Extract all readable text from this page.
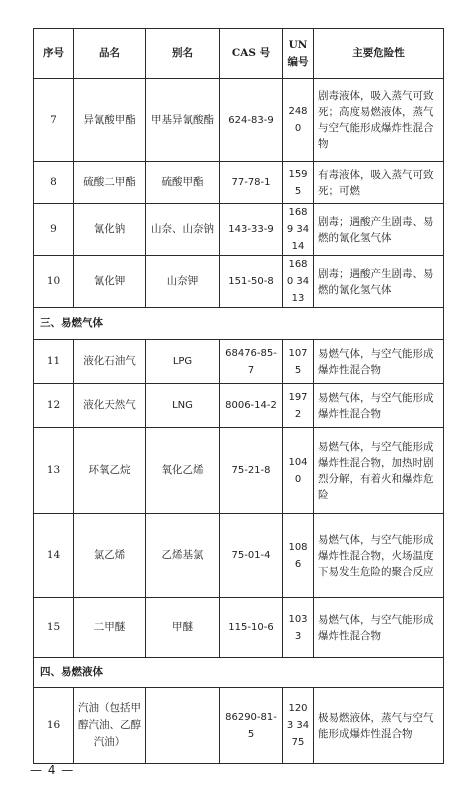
序号	品名	别名	CAS 号	UN 编号	主要危险性
7	异氰酸甲酯	甲基异氰酸酯	624-83-9	2480	剧毒液体，吸入蒸气可致死；高度易燃液体，蒸气与空气能形成爆炸性混合物
8	硫酸二甲酯	硫酸甲酯	77-78-1	1595	有毒液体，吸入蒸气可致死；可燃
9	氰化钠	山奈、山奈钠	143-33-9	1689 3414	剧毒；遇酸产生剧毒、易燃的氰化氢气体
10	氰化钾	山奈钾	151-50-8	1680 3413	剧毒；遇酸产生剧毒、易燃的氰化氢气体
三、易燃气体					
11	液化石油气	LPG	68476-85-7	1075	易燃气体，与空气能形成爆炸性混合物
12	液化天然气	LNG	8006-14-2	1972	易燃气体，与空气能形成爆炸性混合物
13	环氧乙烷	氧化乙烯	75-21-8	1040	易燃气体，与空气能形成爆炸性混合物，加热时剧烈分解，有着火和爆炸危险
14	氯乙烯	乙烯基氯	75-01-4	1086	易燃气体，与空气能形成爆炸性混合物，火场温度下易发生危险的聚合反应
15	二甲醚	甲醚	115-10-6	1033	易燃气体，与空气能形成爆炸性混合物
四、易燃液体					
16	汽油（包括甲醇汽油、乙醇汽油）		86290-81-5	1203 3475	极易燃液体，蒸气与空气能形成爆炸性混合物
— 4 —
